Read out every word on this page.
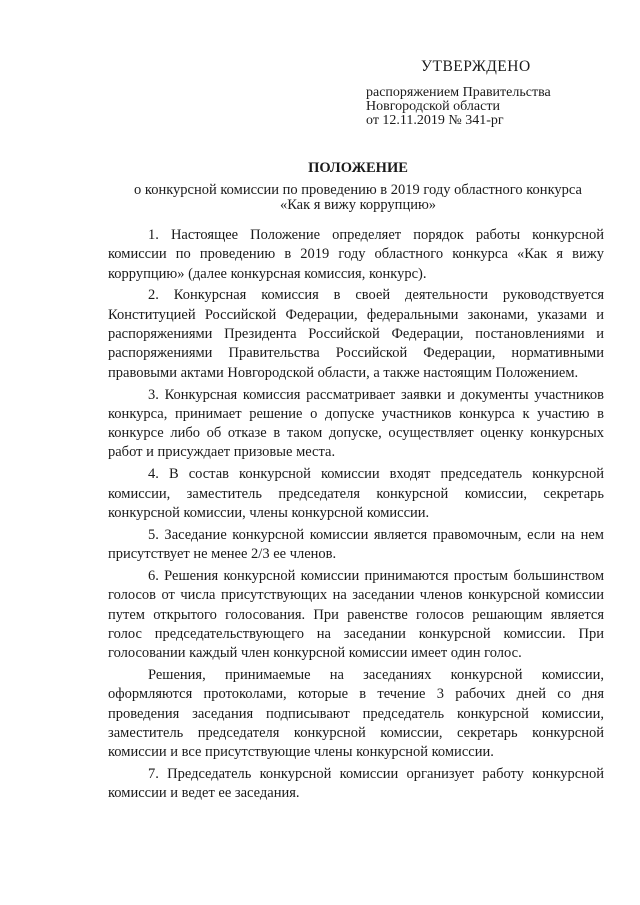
УТВЕРЖДЕНО
распоряжением Правительства
Новгородской области
от 12.11.2019 № 341-рг
ПОЛОЖЕНИЕ
о конкурсной комиссии по проведению в 2019 году областного конкурса
«Как я вижу коррупцию»

1. Настоящее Положение определяет порядок работы конкурсной комиссии по проведению в 2019 году областного конкурса «Как я вижу коррупцию» (далее конкурсная комиссия, конкурс).

2. Конкурсная комиссия в своей деятельности руководствуется Конституцией Российской Федерации, федеральными законами, указами и распоряжениями Президента Российской Федерации, постановлениями и распоряжениями Правительства Российской Федерации, нормативными правовыми актами Новгородской области, а также настоящим Положением.

3. Конкурсная комиссия рассматривает заявки и документы участников конкурса, принимает решение о допуске участников конкурса к участию в конкурсе либо об отказе в таком допуске, осуществляет оценку конкурсных работ и присуждает призовые места.

4. В состав конкурсной комиссии входят председатель конкурсной комиссии, заместитель председателя конкурсной комиссии, секретарь конкурсной комиссии, члены конкурсной комиссии.

5. Заседание конкурсной комиссии является правомочным, если на нем присутствует не менее 2/3 ее членов.

6. Решения конкурсной комиссии принимаются простым большинством голосов от числа присутствующих на заседании членов конкурсной комиссии путем открытого голосования. При равенстве голосов решающим является голос председательствующего на заседании конкурсной комиссии. При голосовании каждый член конкурсной комиссии имеет один голос.

Решения, принимаемые на заседаниях конкурсной комиссии, оформляются протоколами, которые в течение 3 рабочих дней со дня проведения заседания подписывают председатель конкурсной комиссии, заместитель председателя конкурсной комиссии, секретарь конкурсной комиссии и все присутствующие члены конкурсной комиссии.

7. Председатель конкурсной комиссии организует работу конкурсной комиссии и ведет ее заседания.
